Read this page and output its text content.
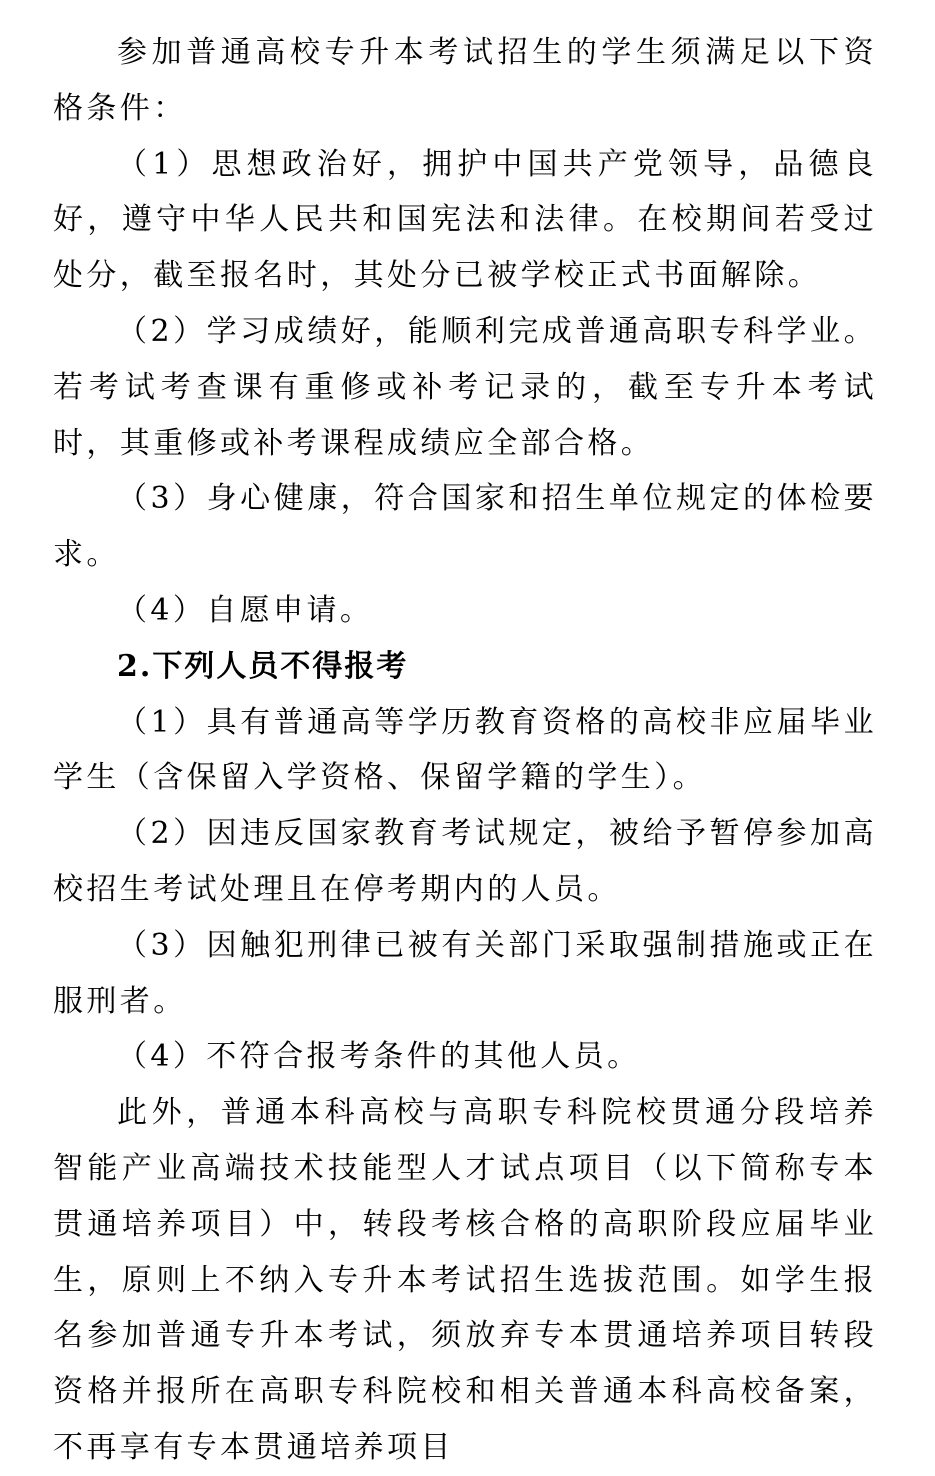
参加普通高校专升本考试招生的学生须满足以下资格条件：

（1）思想政治好，拥护中国共产党领导，品德良好，遵守中华人民共和国宪法和法律。在校期间若受过处分，截至报名时，其处分已被学校正式书面解除。

（2）学习成绩好，能顺利完成普通高职专科学业。若考试考查课有重修或补考记录的，截至专升本考试时，其重修或补考课程成绩应全部合格。

（3）身心健康，符合国家和招生单位规定的体检要求。

（4）自愿申请。

2.下列人员不得报考

（1）具有普通高等学历教育资格的高校非应届毕业学生（含保留入学资格、保留学籍的学生）。

（2）因违反国家教育考试规定，被给予暂停参加高校招生考试处理且在停考期内的人员。

（3）因触犯刑律已被有关部门采取强制措施或正在服刑者。

（4）不符合报考条件的其他人员。

此外，普通本科高校与高职专科院校贯通分段培养智能产业高端技术技能型人才试点项目（以下简称专本贯通培养项目）中，转段考核合格的高职阶段应届毕业生，原则上不纳入专升本考试招生选拔范围。如学生报名参加普通专升本考试，须放弃专本贯通培养项目转段资格并报所在高职专科院校和相关普通本科高校备案，不再享有专本贯通培养项目
